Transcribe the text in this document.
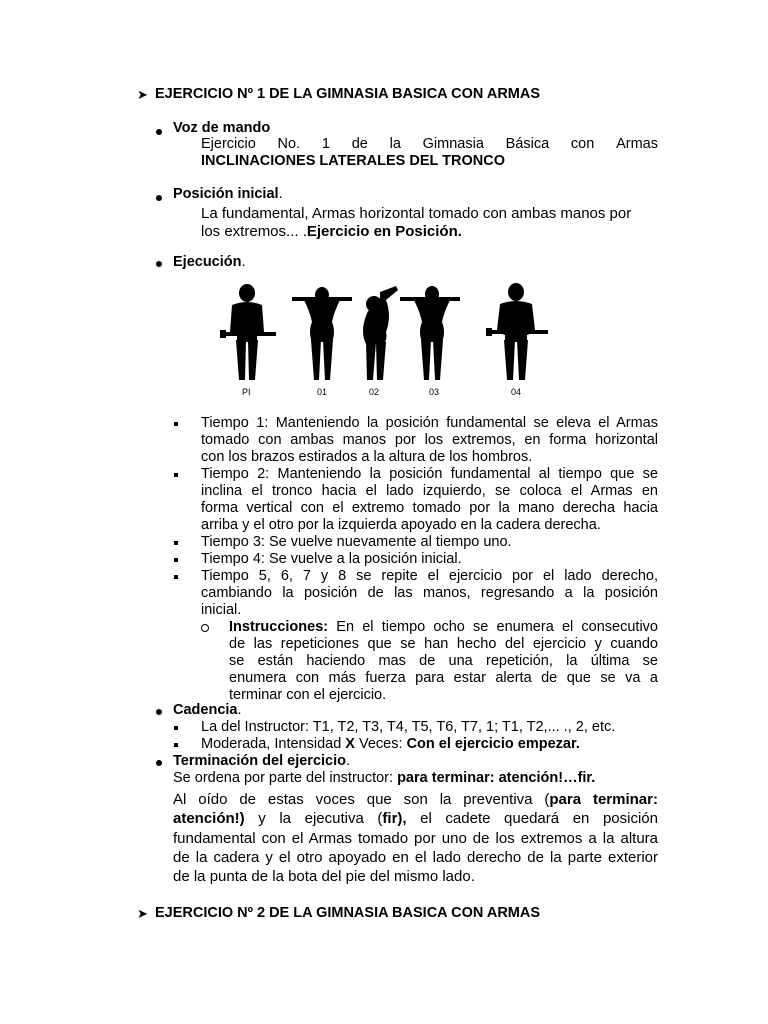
➤ EJERCICIO Nº 1 DE LA GIMNASIA BASICA CON ARMAS
Voz de mando
Ejercicio No. 1 de la Gimnasia Básica con Armas
INCLINACIONES LATERALES DEL TRONCO
Posición inicial.
La fundamental, Armas horizontal tomado con ambas manos por
los extremos... .Ejercicio en Posición.
Ejecución.
PI	01	02	03	04
Tiempo 1: Manteniendo la posición fundamental se eleva el Armas
tomado con ambas manos por los extremos, en forma horizontal
con los brazos estirados a la altura de los hombros.
Tiempo 2: Manteniendo la posición fundamental al tiempo que se
inclina el tronco hacia el lado izquierdo, se coloca el Armas en
forma vertical con el extremo tomado por la mano derecha hacia
arriba y el otro por la izquierda apoyado en la cadera derecha.
Tiempo 3: Se vuelve nuevamente al tiempo uno.
Tiempo 4: Se vuelve a la posición inicial.
Tiempo 5, 6, 7 y 8 se repite el ejercicio por el lado derecho,
cambiando la posición de las manos, regresando a la posición
inicial.
Instrucciones: En el tiempo ocho se enumera el consecutivo
de las repeticiones que se han hecho del ejercicio y cuando
se están haciendo mas de una repetición, la última se
enumera con más fuerza para estar alerta de que se va a
terminar con el ejercicio.
Cadencia.
La del Instructor: T1, T2, T3, T4, T5, T6, T7, 1; T1, T2,... ., 2, etc.
Moderada, Intensidad X Veces: Con el ejercicio empezar.
Terminación del ejercicio.
Se ordena por parte del instructor: para terminar: atención!…fir.
Al oído de estas voces que son la preventiva (para terminar:
atención!) y la ejecutiva (fir), el cadete quedará en posición
fundamental con el Armas tomado por uno de los extremos a la altura
de la cadera y el otro apoyado en el lado derecho de la parte exterior
de la punta de la bota del pie del mismo lado.
➤ EJERCICIO Nº 2 DE LA GIMNASIA BASICA CON ARMAS
